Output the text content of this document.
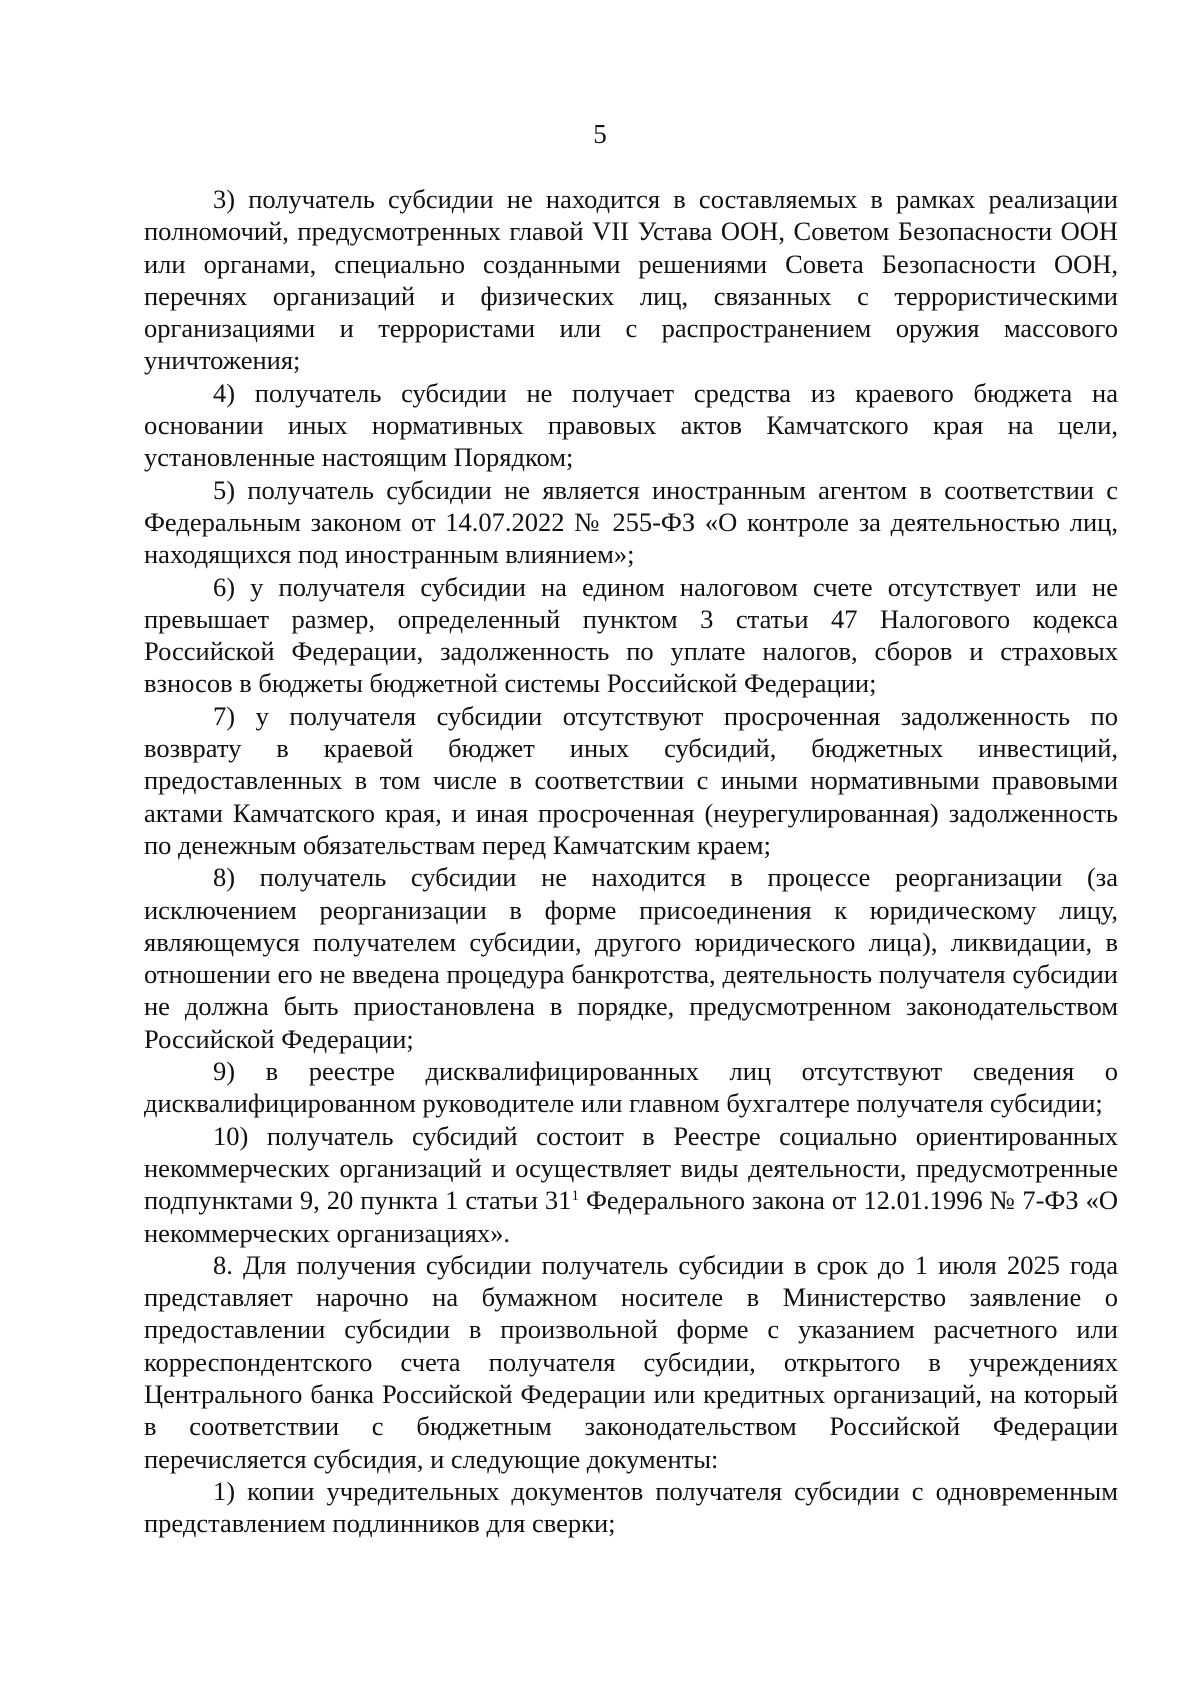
5

3) получатель субсидии не находится в составляемых в рамках реализации полномочий, предусмотренных главой VII Устава ООН, Советом Безопасности ООН или органами, специально созданными решениями Совета Безопасности ООН, перечнях организаций и физических лиц, связанных с террористическими организациями и террористами или с распространением оружия массового уничтожения;

4) получатель субсидии не получает средства из краевого бюджета на основании иных нормативных правовых актов Камчатского края на цели, установленные настоящим Порядком;

5) получатель субсидии не является иностранным агентом в соответствии с Федеральным законом от 14.07.2022 № 255-ФЗ «О контроле за деятельностью лиц, находящихся под иностранным влиянием»;

6) у получателя субсидии на едином налоговом счете отсутствует или не превышает размер, определенный пунктом 3 статьи 47 Налогового кодекса Российской Федерации, задолженность по уплате налогов, сборов и страховых взносов в бюджеты бюджетной системы Российской Федерации;

7) у получателя субсидии отсутствуют просроченная задолженность по возврату в краевой бюджет иных субсидий, бюджетных инвестиций, предоставленных в том числе в соответствии с иными нормативными правовыми актами Камчатского края, и иная просроченная (неурегулированная) задолженность по денежным обязательствам перед Камчатским краем;

8) получатель субсидии не находится в процессе реорганизации (за исключением реорганизации в форме присоединения к юридическому лицу, являющемуся получателем субсидии, другого юридического лица), ликвидации, в отношении его не введена процедура банкротства, деятельность получателя субсидии не должна быть приостановлена в порядке, предусмотренном законодательством Российской Федерации;

9) в реестре дисквалифицированных лиц отсутствуют сведения о дисквалифицированном руководителе или главном бухгалтере получателя субсидии;

10) получатель субсидий состоит в Реестре социально ориентированных некоммерческих организаций и осуществляет виды деятельности, предусмотренные подпунктами 9, 20 пункта 1 статьи $31^1$ Федерального закона от 12.01.1996 № 7-ФЗ «О некоммерческих организациях».

8. Для получения субсидии получатель субсидии в срок до 1 июля 2025 года представляет нарочно на бумажном носителе в Министерство заявление о предоставлении субсидии в произвольной форме с указанием расчетного или корреспондентского счета получателя субсидии, открытого в учреждениях Центрального банка Российской Федерации или кредитных организаций, на который в соответствии с бюджетным законодательством Российской Федерации перечисляется субсидия, и следующие документы:

1) копии учредительных документов получателя субсидии с одновременным представлением подлинников для сверки;
